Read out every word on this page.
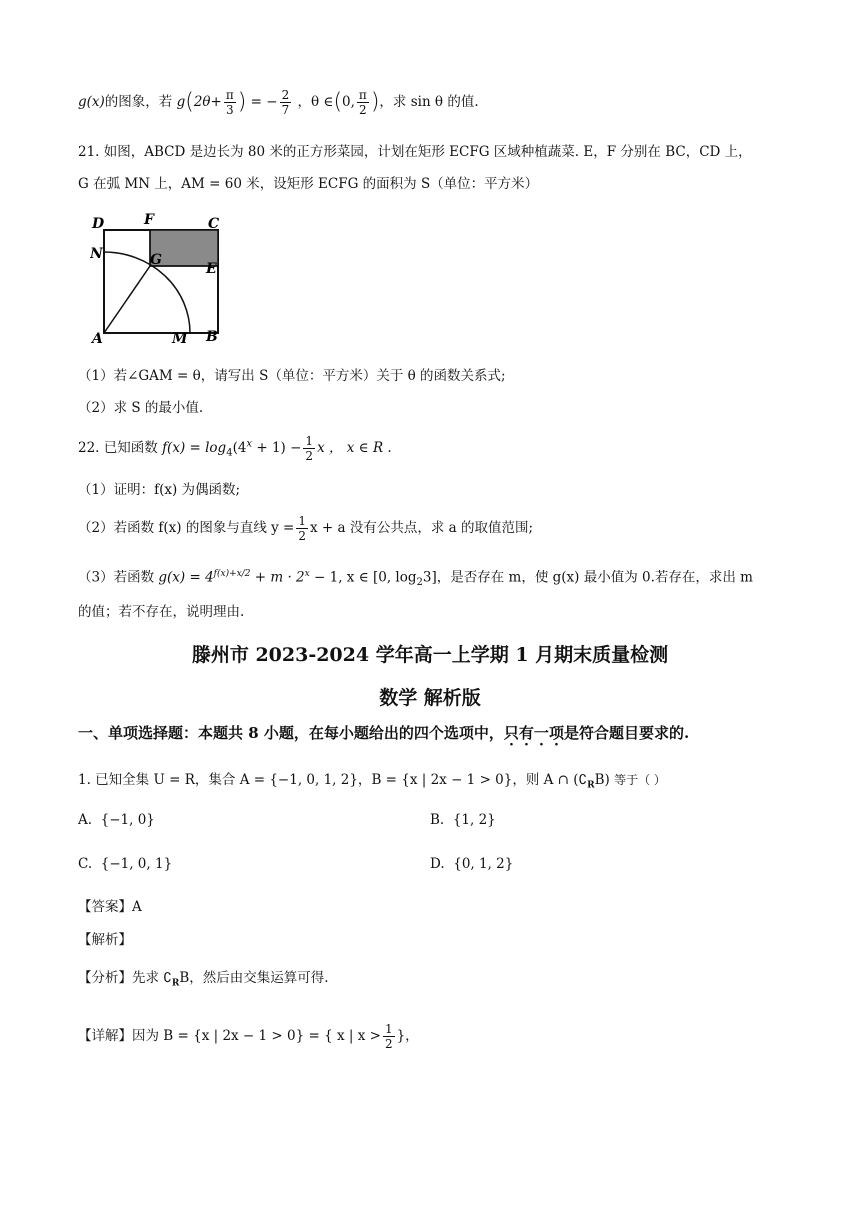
g(x)的图象，若 $g(2\theta+ \frac{\pi}{3}$ ) = − $\frac{2}{7}$ ，θ ∈(0, $\frac{\pi}{2}$ )，求 sin θ 的值.
21. 如图，ABCD 是边长为 80 米的正方形菜园，计划在矩形 ECFG 区域种植蔬菜. E，F 分别在 BC，CD 上，
G 在弧 MN 上，AM = 60 米，设矩形 ECFG 的面积为 S（单位：平方米）
D	F	C
N	G
E
A	M B
（1）若∠GAM = θ，请写出 S（单位：平方米）关于 θ 的函数关系式;
（2）求 S 的最小值.
22. 已知函数 $f(x) = \log_4(4^x + 1) - \frac{1}{2}$ x ， x ∈ R .
（1）证明：f(x) 为偶函数;
（2）若函数 f(x) 的图象与直线 $y = \frac{1}{2}$ x + a 没有公共点，求 a 的取值范围;
（3）若函数 $g(x) = 4^{f(x)+x/2} + m \cdot 2^x - 1$, x ∈ [0, $\log_23$]，是否存在 m，使 g(x) 最小值为 0.若存在，求出 m
的值；若不存在，说明理由.
滕州市 2023-2024 学年高一上学期 1 月期末质量检测
数学 解析版
一、单项选择题：本题共 8 小题，在每小题给出的四个选项中，只有一项是符合题目要求的.
1. 已知全集 U = R，集合 A = {−1, 0, 1, 2}，B = {x | 2x − 1 > 0}，则 A ∩ $(∁_RB)$ 等于（ ）
A. {−1, 0}	B. {1, 2}
C. {−1, 0, 1}	D. {0, 1, 2}
【答案】A
【解析】
【分析】先求 $∁_RB$，然后由交集运算可得.
【详解】因为 B = {x | 2x − 1 > 0} = { x | $x > \frac{1}{2}$ }，
